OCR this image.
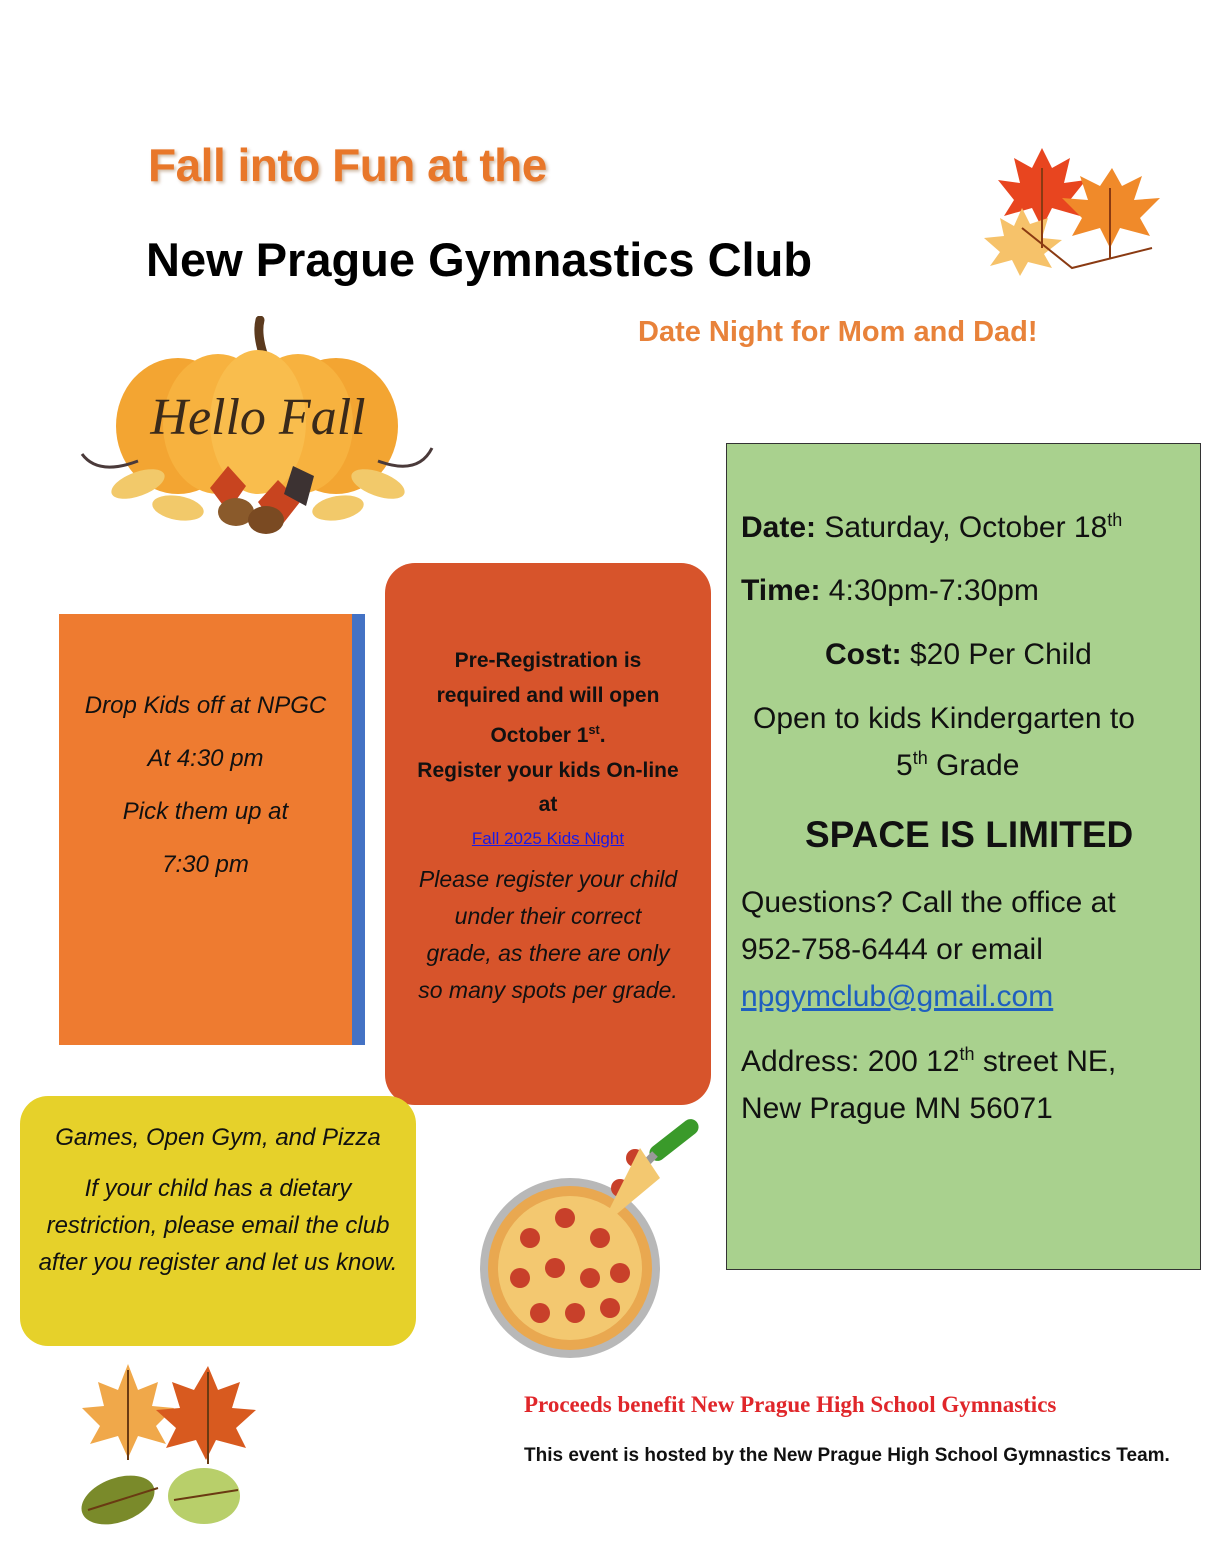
Fall into Fun at the
New Prague Gymnastics Club
Date Night for Mom and Dad!
Hello Fall

Drop Kids off at NPGC

At 4:30 pm

Pick them up at

7:30 pm

Pre-Registration is

required and will open

October 1st.

Register your kids On-line

at

Fall 2025 Kids Night

Please register your child

under their correct

grade, as there are only

so many spots per grade.

Date: Saturday, October 18th
Time: 4:30pm-7:30pm
Cost: $20 Per Child
Open to kids Kindergarten to
5th Grade
SPACE IS LIMITED
Questions? Call the office at
952-758-6444 or email
npgymclub@gmail.com
Address: 200 12th street NE,
New Prague MN 56071

Games, Open Gym, and Pizza

If your child has a dietary restriction, please email the club after you register and let us know.

Proceeds benefit New Prague High School Gymnastics
This event is hosted by the New Prague High School Gymnastics Team.
